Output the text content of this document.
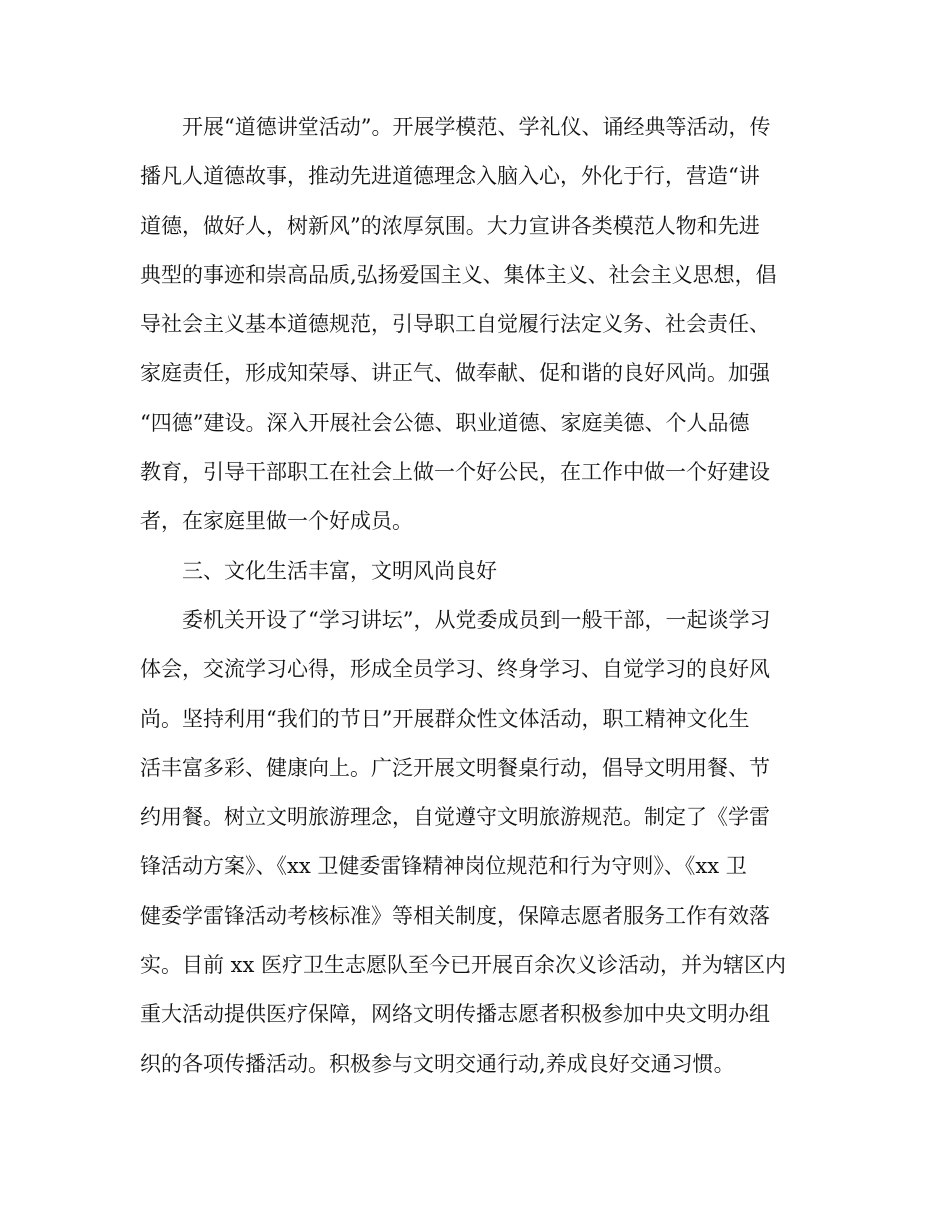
　　开展“道德讲堂活动”。开展学模范、学礼仪、诵经典等活动，传

播凡人道德故事，推动先进道德理念入脑入心，外化于行，营造“讲

道德，做好人，树新风”的浓厚氛围。大力宣讲各类模范人物和先进

典型的事迹和崇高品质,弘扬爱国主义、集体主义、社会主义思想，倡

导社会主义基本道德规范，引导职工自觉履行法定义务、社会责任、

家庭责任，形成知荣辱、讲正气、做奉献、促和谐的良好风尚。加强

“四德”建设。深入开展社会公德、职业道德、家庭美德、个人品德

教育，引导干部职工在社会上做一个好公民，在工作中做一个好建设

者，在家庭里做一个好成员。

　　三、文化生活丰富，文明风尚良好

　　委机关开设了“学习讲坛”，从党委成员到一般干部，一起谈学习

体会，交流学习心得，形成全员学习、终身学习、自觉学习的良好风

尚。坚持利用“我们的节日”开展群众性文体活动，职工精神文化生

活丰富多彩、健康向上。广泛开展文明餐桌行动，倡导文明用餐、节

约用餐。树立文明旅游理念，自觉遵守文明旅游规范。制定了《学雷

锋活动方案》、《xx 卫健委雷锋精神岗位规范和行为守则》、《xx 卫

健委学雷锋活动考核标准》等相关制度，保障志愿者服务工作有效落

实。目前 xx 医疗卫生志愿队至今已开展百余次义诊活动，并为辖区内

重大活动提供医疗保障，网络文明传播志愿者积极参加中央文明办组

织的各项传播活动。积极参与文明交通行动,养成良好交通习惯。
